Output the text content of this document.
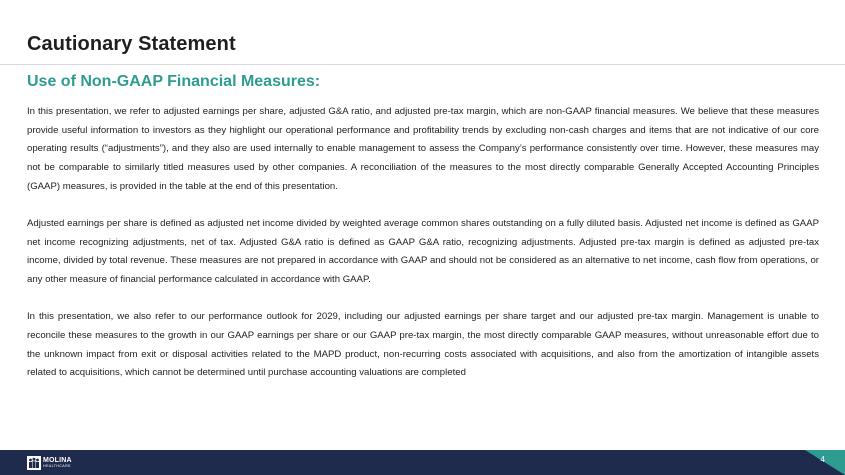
Cautionary Statement
Use of Non-GAAP Financial Measures:

In this presentation, we refer to adjusted earnings per share, adjusted G&A ratio, and adjusted pre-tax margin, which are non-GAAP financial measures. We believe that these measures provide useful information to investors as they highlight our operational performance and profitability trends by excluding non-cash charges and items that are not indicative of our core operating results (“adjustments”), and they also are used internally to enable management to assess the Company’s performance consistently over time. However, these measures may not be comparable to similarly titled measures used by other companies. A reconciliation of the measures to the most directly comparable Generally Accepted Accounting Principles (GAAP) measures, is provided in the table at the end of this presentation.

Adjusted earnings per share is defined as adjusted net income divided by weighted average common shares outstanding on a fully diluted basis. Adjusted net income is defined as GAAP net income recognizing adjustments, net of tax. Adjusted G&A ratio is defined as GAAP G&A ratio, recognizing adjustments. Adjusted pre-tax margin is defined as adjusted pre-tax income, divided by total revenue. These measures are not prepared in accordance with GAAP and should not be considered as an alternative to net income, cash flow from operations, or any other measure of financial performance calculated in accordance with GAAP.

In this presentation, we also refer to our performance outlook for 2029, including our adjusted earnings per share target and our adjusted pre-tax margin. Management is unable to reconcile these measures to the growth in our GAAP earnings per share or our GAAP pre-tax margin, the most directly comparable GAAP measures, without unreasonable effort due to the unknown impact from exit or disposal activities related to the MAPD product, non-recurring costs associated with acquisitions, and also from the amortization of intangible assets related to acquisitions, which cannot be determined until purchase accounting valuations are completed

MOLINA
HEALTHCARE
4
